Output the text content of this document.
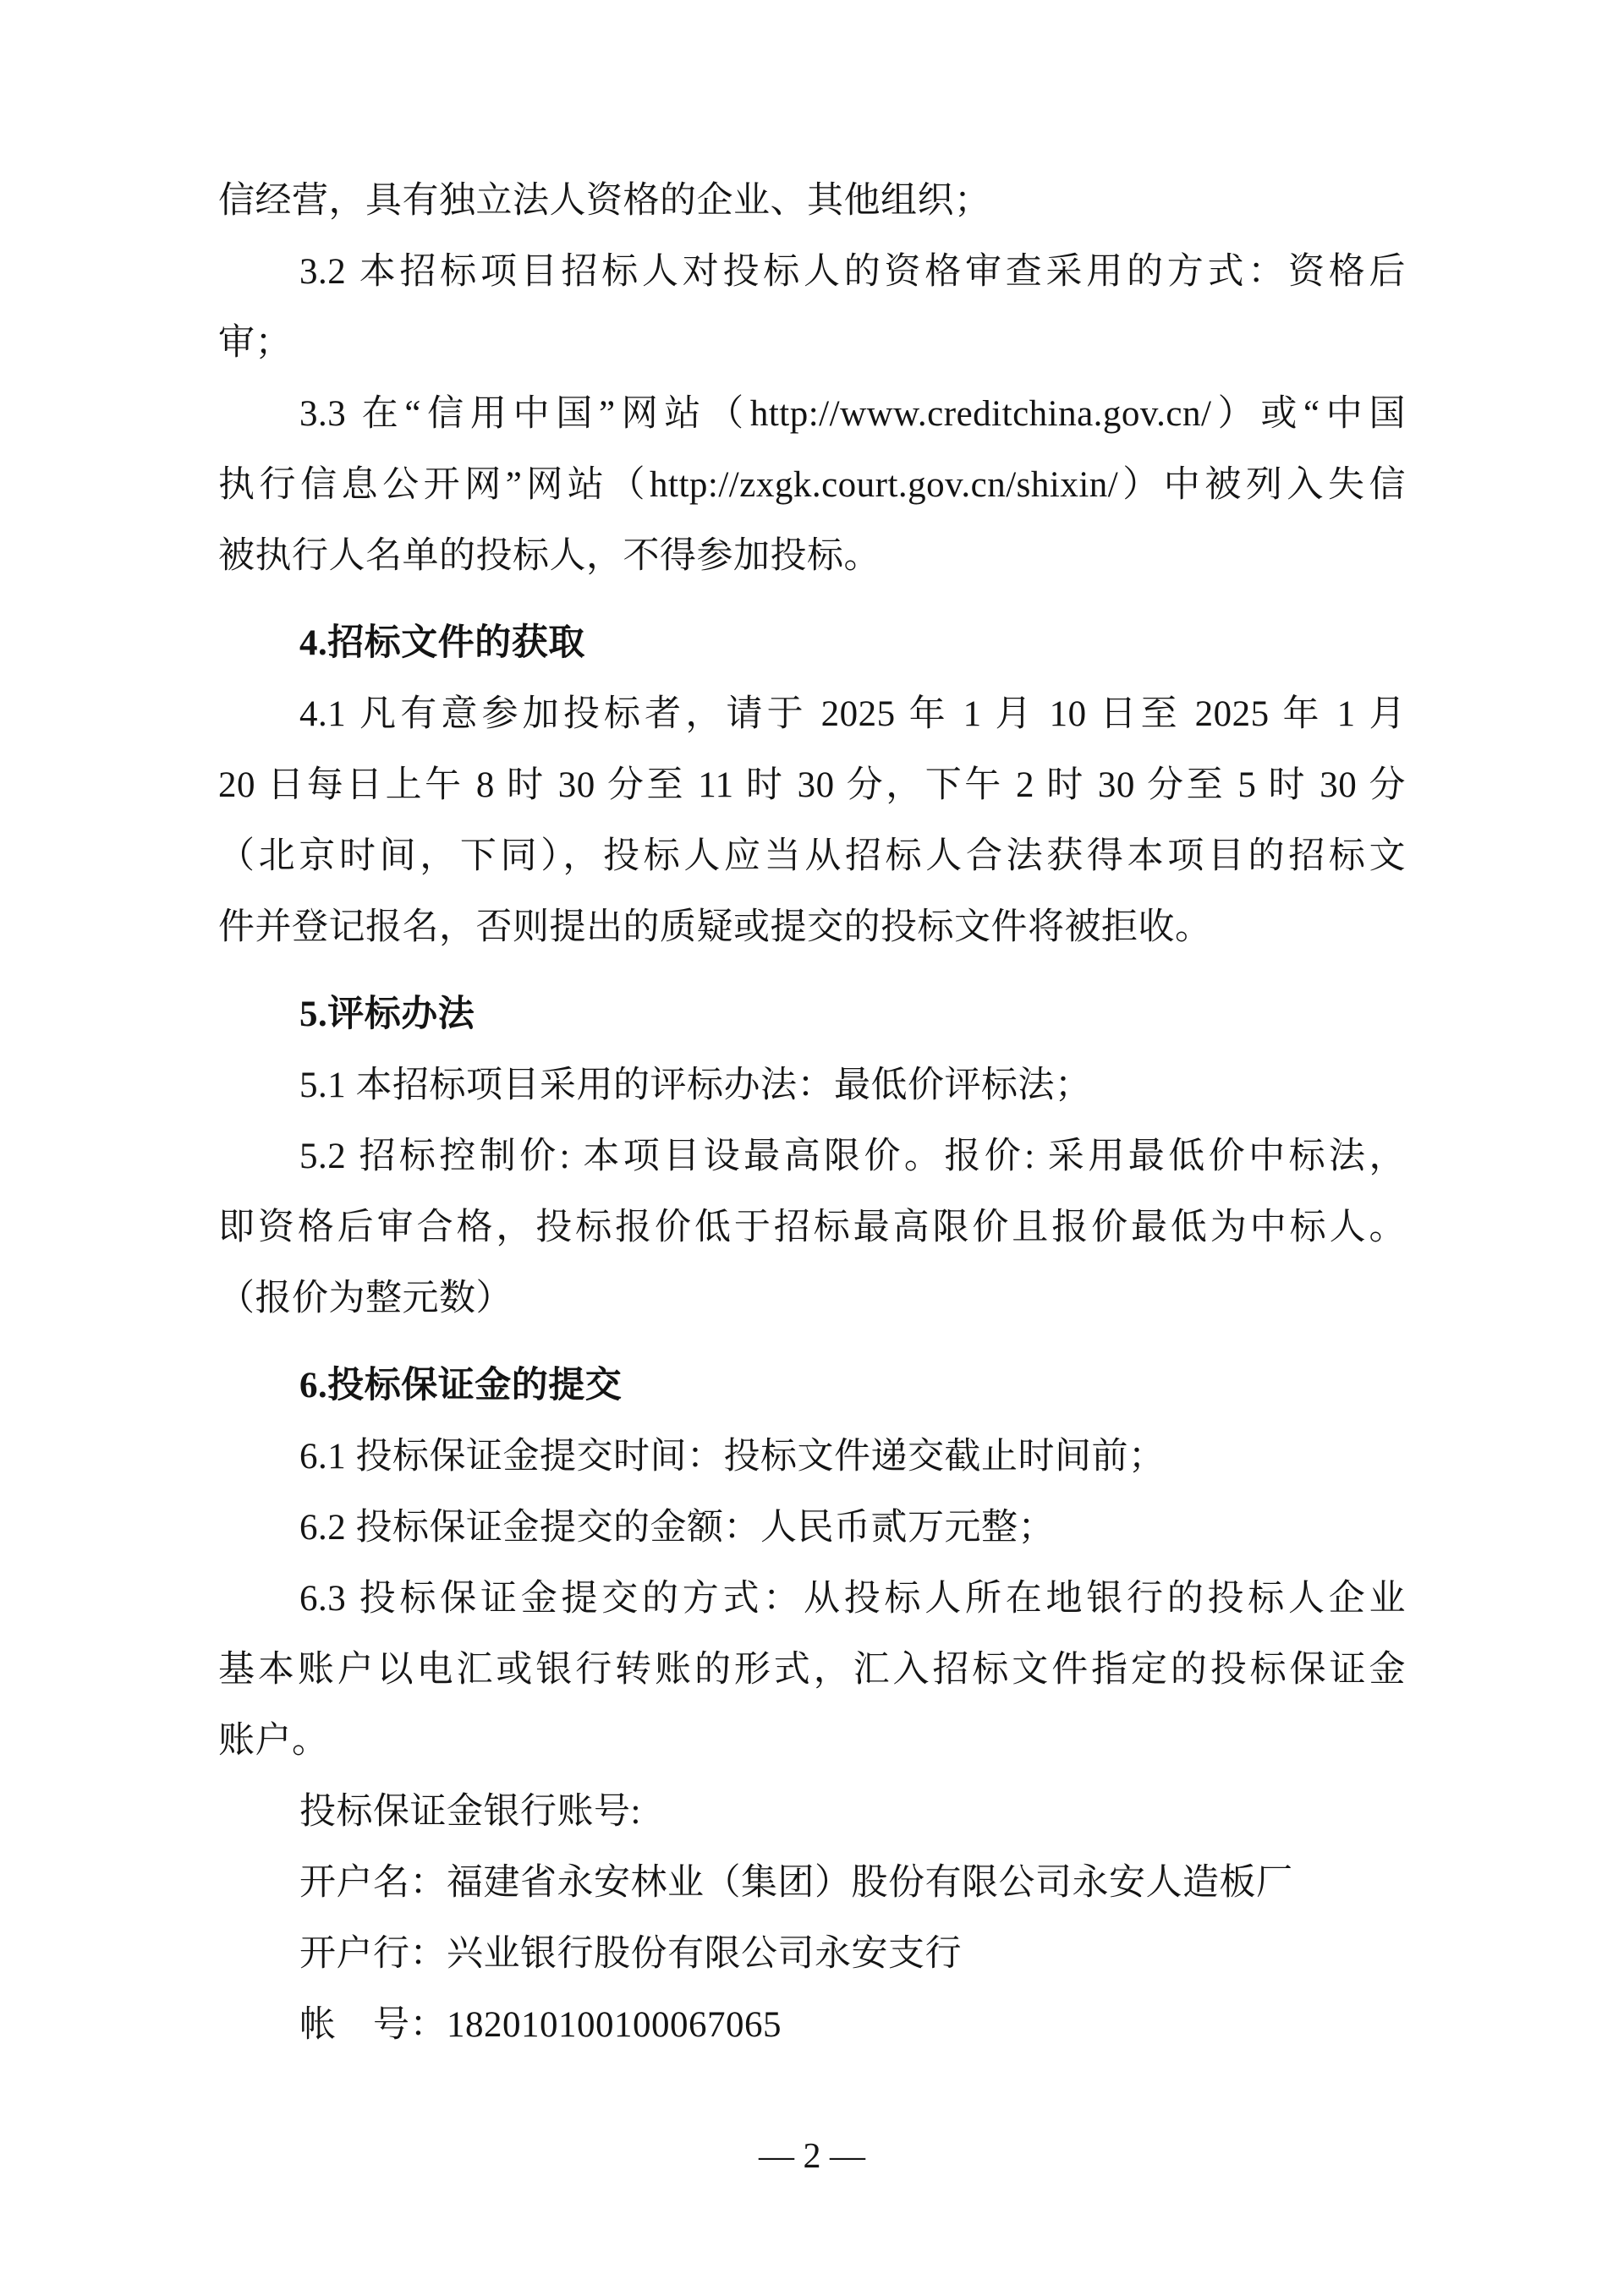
信经营，具有独立法人资格的企业、其他组织；
3.2 本招标项目招标人对投标人的资格审查采用的方式：资格后
审；
3.3 在“信用中国”网站（http://www.creditchina.gov.cn/）或“中国
执行信息公开网”网站（http://zxgk.court.gov.cn/shixin/）中被列入失信
被执行人名单的投标人，不得参加投标。
4.招标文件的获取
4.1 凡有意参加投标者，请于 2025 年 1 月 10 日至 2025 年 1 月
20 日每日上午 8 时 30 分至 11 时 30 分，下午 2 时 30 分至 5 时 30 分
（北京时间，下同），投标人应当从招标人合法获得本项目的招标文
件并登记报名，否则提出的质疑或提交的投标文件将被拒收。
5.评标办法
5.1 本招标项目采用的评标办法：最低价评标法；
5.2 招标控制价: 本项目设最高限价。报价: 采用最低价中标法，
即资格后审合格，投标报价低于招标最高限价且报价最低为中标人。
（报价为整元数）
6.投标保证金的提交
6.1 投标保证金提交时间：投标文件递交截止时间前；
6.2 投标保证金提交的金额：人民币贰万元整；
6.3 投标保证金提交的方式：从投标人所在地银行的投标人企业
基本账户以电汇或银行转账的形式，汇入招标文件指定的投标保证金
账户。
投标保证金银行账号:
开户名：福建省永安林业（集团）股份有限公司永安人造板厂
开户行：兴业银行股份有限公司永安支行
帐　号：182010100100067065
— 2 —
